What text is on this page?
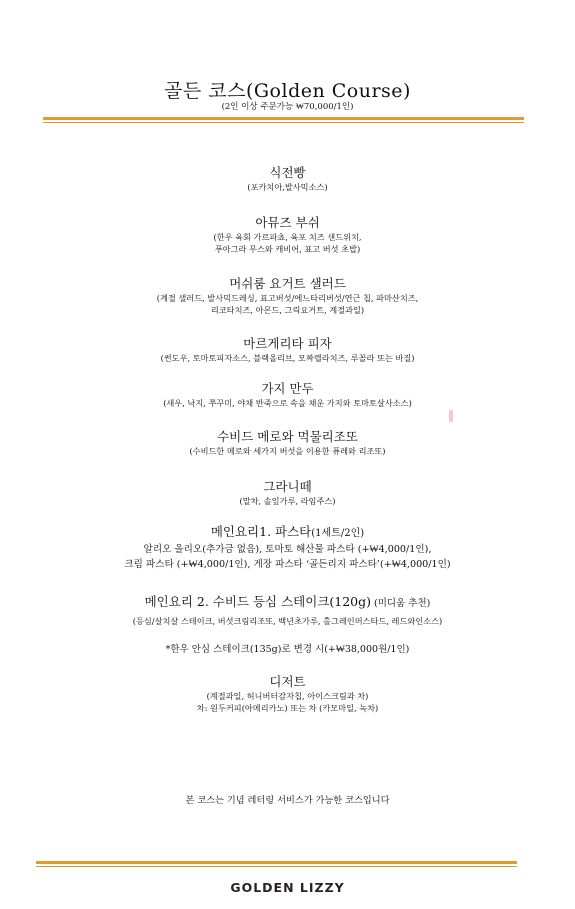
골든 코스(Golden Course)
(2인 이상 주문가능 ₩70,000/1인)
식전빵
(포카치아,발사믹소스)
아뮤즈 부쉬
(한우 육회 가르파쵸, 육포 치즈 샌드위치,
푸아그라 무스와 캐비어, 표고 버섯 초밥)
머쉬룸 요거트 샐러드
(계절 샐러드, 발사믹드레싱, 표고버섯/에느타리버섯/연근 칩, 파마산치즈,
리코타치즈, 아몬드, 그릭요거트, 계절과일)
마르게리타 피자
(썬도우, 토마토피자소스, 블랙올리브, 모짜렐라치즈, 루꼴라 또는 바질)
가지 만두
(새우, 낙지, 쭈꾸미, 야채 반죽으로 속을 채운 가지와 토마토살사소스)
수비드 메로와 먹물리조또
(수비드한 메로와 세가지 버섯을 이용한 퓨레와 리조또)
그라니떼
(말차, 솔잎가루, 라임주스)
메인요리1. 파스타(1세트/2인)
알리오 올리오(추가금 없음), 토마토 해산물 파스타 (+₩4,000/1인),
크림 파스타 (+₩4,000/1인), 게장 파스타 ‘골든리지 파스타’(+₩4,000/1인)
메인요리 2. 수비드 등심 스테이크(120g) (미디움 추천)
(등심/살치살 스테이크, 버섯크림리조또, 백년초가루, 홀그레인머스타드, 레드와인소스)
*한우 안심 스테이크(135g)로 변경 시(+₩38,000원/1인)
디저트
(계절과일, 허니버터감자칩, 아이스크림과 차)
차: 원두커피(아메리카노) 또는 차 (카모마일, 녹차)
본 코스는 기념 레터링 서비스가 가능한 코스입니다
GOLDEN LIZZY
